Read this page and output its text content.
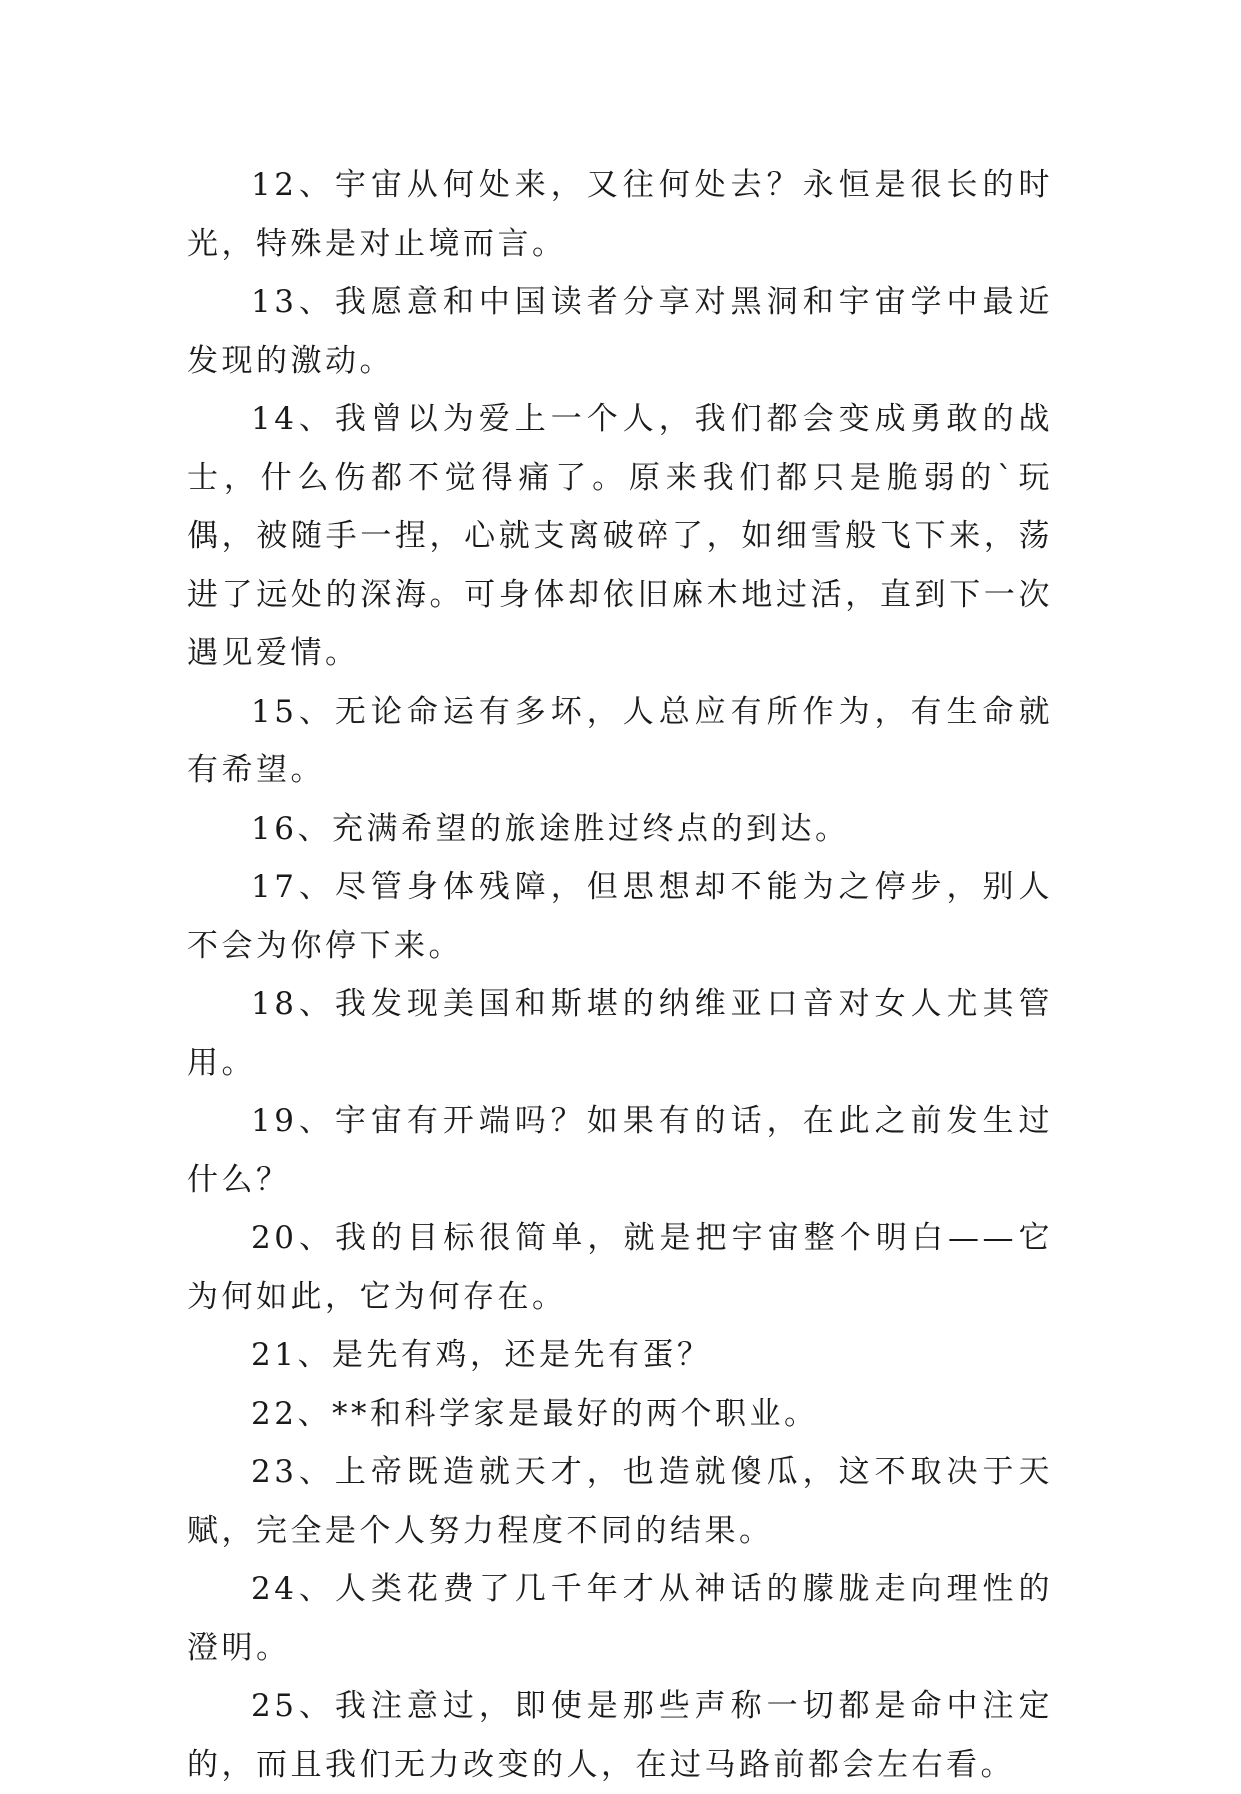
12、宇宙从何处来，又往何处去？永恒是很长的时光，特殊是对止境而言。

13、我愿意和中国读者分享对黑洞和宇宙学中最近发现的激动。

14、我曾以为爱上一个人，我们都会变成勇敢的战士，什么伤都不觉得痛了。原来我们都只是脆弱的`玩偶，被随手一捏，心就支离破碎了，如细雪般飞下来，荡进了远处的深海。可身体却依旧麻木地过活，直到下一次遇见爱情。

15、无论命运有多坏，人总应有所作为，有生命就有希望。

16、充满希望的旅途胜过终点的到达。

17、尽管身体残障，但思想却不能为之停步，别人不会为你停下来。

18、我发现美国和斯堪的纳维亚口音对女人尤其管用。

19、宇宙有开端吗？如果有的话，在此之前发生过什么？

20、我的目标很简单，就是把宇宙整个明白——它为何如此，它为何存在。

21、是先有鸡，还是先有蛋？

22、**和科学家是最好的两个职业。

23、上帝既造就天才，也造就傻瓜，这不取决于天赋，完全是个人努力程度不同的结果。

24、人类花费了几千年才从神话的朦胧走向理性的澄明。

25、我注意过，即使是那些声称一切都是命中注定的，而且我们无力改变的人，在过马路前都会左右看。
